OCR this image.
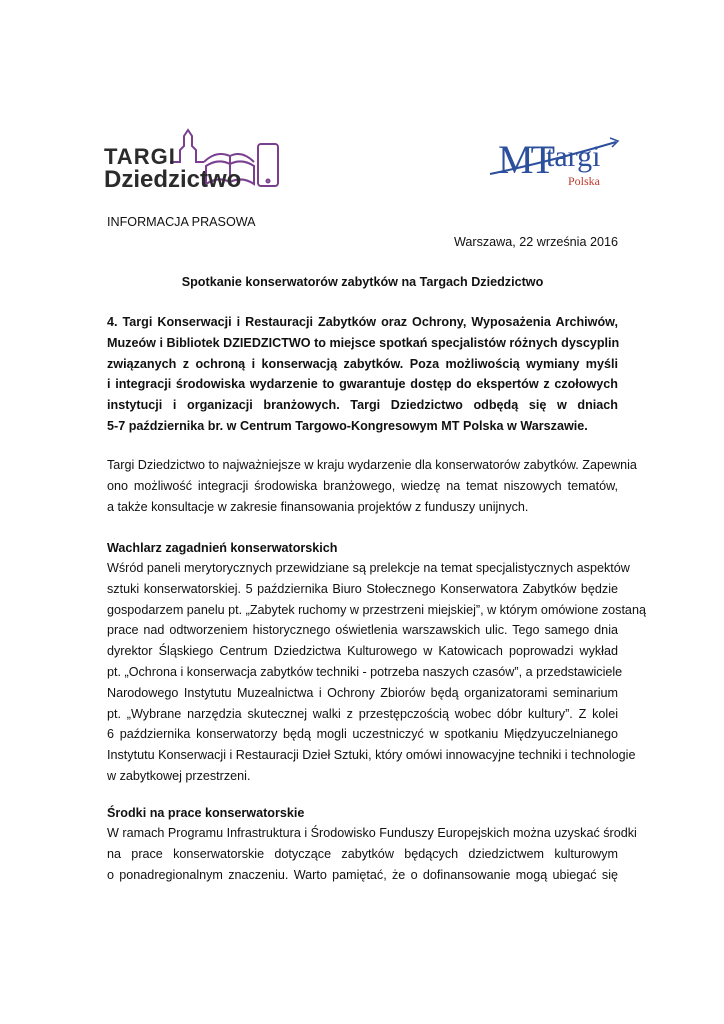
TARGI
Dziedzictwo	MT
targi
Polska
INFORMACJA PRASOWA
Warszawa, 22 września 2016
Spotkanie konserwatorów zabytków na Targach Dziedzictwo
4. Targi Konserwacji i Restauracji Zabytków oraz Ochrony, Wyposażenia Archiwów,
Muzeów i Bibliotek DZIEDZICTWO to miejsce spotkań specjalistów różnych dyscyplin
związanych z ochroną i konserwacją zabytków. Poza możliwością wymiany myśli
i integracji środowiska wydarzenie to gwarantuje dostęp do ekspertów z czołowych
instytucji i organizacji branżowych. Targi Dziedzictwo odbędą się w dniach
5-7 października br. w Centrum Targowo-Kongresowym MT Polska w Warszawie.
Targi Dziedzictwo to najważniejsze w kraju wydarzenie dla konserwatorów zabytków. Zapewnia
ono możliwość integracji środowiska branżowego, wiedzę na temat niszowych tematów,
a także konsultacje w zakresie finansowania projektów z funduszy unijnych.
Wachlarz zagadnień konserwatorskich
Wśród paneli merytorycznych przewidziane są prelekcje na temat specjalistycznych aspektów
sztuki konserwatorskiej. 5 października Biuro Stołecznego Konserwatora Zabytków będzie
gospodarzem panelu pt. „Zabytek ruchomy w przestrzeni miejskiej”, w którym omówione zostaną
prace nad odtworzeniem historycznego oświetlenia warszawskich ulic. Tego samego dnia
dyrektor Śląskiego Centrum Dziedzictwa Kulturowego w Katowicach poprowadzi wykład
pt. „Ochrona i konserwacja zabytków techniki - potrzeba naszych czasów”, a przedstawiciele
Narodowego Instytutu Muzealnictwa i Ochrony Zbiorów będą organizatorami seminarium
pt. „Wybrane narzędzia skutecznej walki z przestępczością wobec dóbr kultury”. Z kolei
6 października konserwatorzy będą mogli uczestniczyć w spotkaniu Międzyuczelnianego
Instytutu Konserwacji i Restauracji Dzieł Sztuki, który omówi innowacyjne techniki i technologie
w zabytkowej przestrzeni.
Środki na prace konserwatorskie
W ramach Programu Infrastruktura i Środowisko Funduszy Europejskich można uzyskać środki
na prace konserwatorskie dotyczące zabytków będących dziedzictwem kulturowym
o ponadregionalnym znaczeniu. Warto pamiętać, że o dofinansowanie mogą ubiegać się
